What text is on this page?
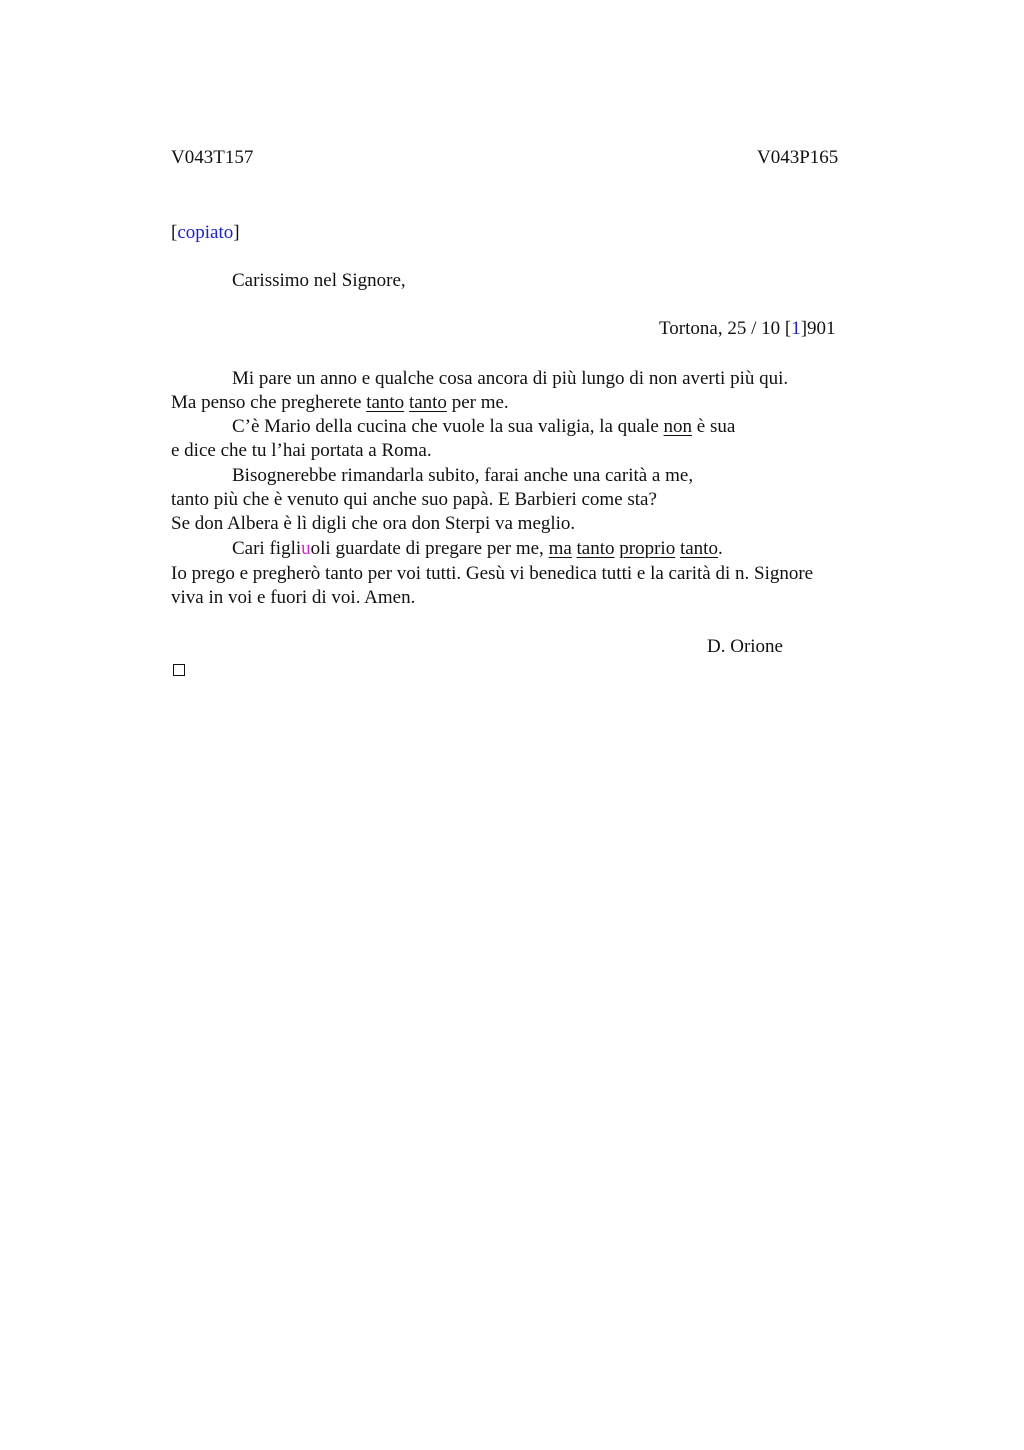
V043T157	V043P165
[copiato]
Carissimo nel Signore,
Tortona, 25 / 10 [1]901
Mi pare un anno e qualche cosa ancora di più lungo di non averti più qui.
Ma penso che pregherete tanto tanto per me.
C’è Mario della cucina che vuole la sua valigia, la quale non è sua
e dice che tu l’hai portata a Roma.
Bisognerebbe rimandarla subito, farai anche una carità a me,
tanto più che è venuto qui anche suo papà. E Barbieri come sta?
Se don Albera è lì digli che ora don Sterpi va meglio.
Cari figliuoli guardate di pregare per me, ma tanto proprio tanto.
Io prego e pregherò tanto per voi tutti. Gesù vi benedica tutti e la carità di n. Signore
viva in voi e fuori di voi. Amen.
D. Orione
